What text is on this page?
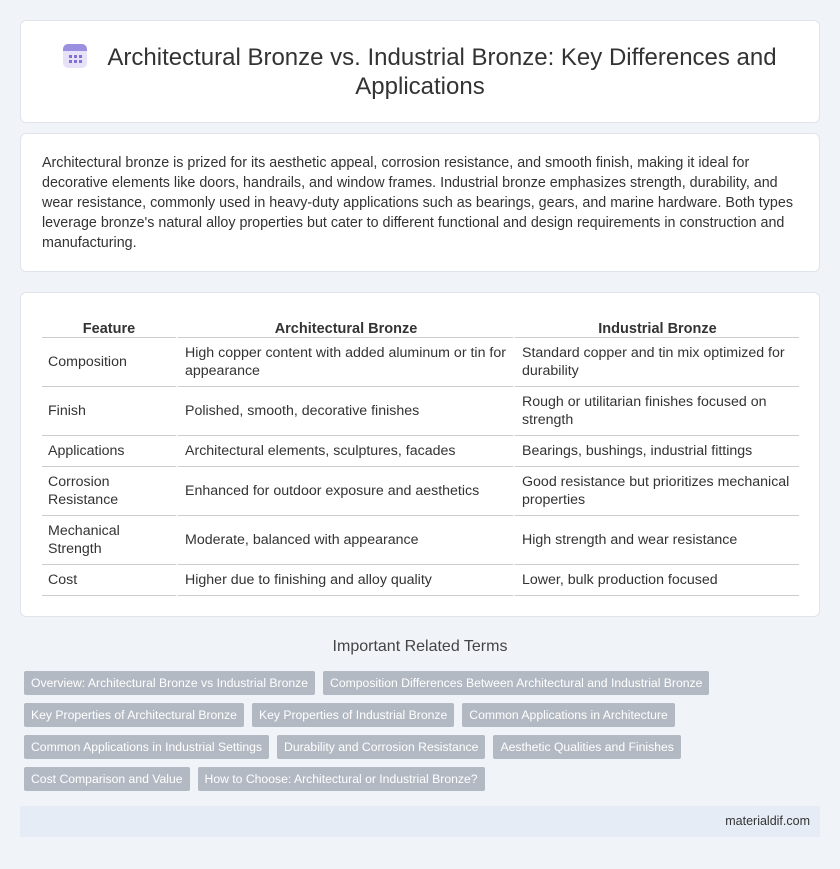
Architectural Bronze vs. Industrial Bronze: Key Differences and Applications

Architectural bronze is prized for its aesthetic appeal, corrosion resistance, and smooth finish, making it ideal for decorative elements like doors, handrails, and window frames. Industrial bronze emphasizes strength, durability, and wear resistance, commonly used in heavy-duty applications such as bearings, gears, and marine hardware. Both types leverage bronze's natural alloy properties but cater to different functional and design requirements in construction and manufacturing.

Feature	Architectural Bronze	Industrial Bronze
Composition	High copper content with added aluminum or tin for appearance	Standard copper and tin mix optimized for durability
Finish	Polished, smooth, decorative finishes	Rough or utilitarian finishes focused on strength
Applications	Architectural elements, sculptures, facades	Bearings, bushings, industrial fittings
Corrosion Resistance	Enhanced for outdoor exposure and aesthetics	Good resistance but prioritizes mechanical properties
Mechanical Strength	Moderate, balanced with appearance	High strength and wear resistance
Cost	Higher due to finishing and alloy quality	Lower, bulk production focused
Important Related Terms
Overview: Architectural Bronze vs Industrial Bronze	Composition Differences Between Architectural and Industrial Bronze
Key Properties of Architectural Bronze	Key Properties of Industrial Bronze	Common Applications in Architecture
Common Applications in Industrial Settings	Durability and Corrosion Resistance	Aesthetic Qualities and Finishes
Cost Comparison and Value	How to Choose: Architectural or Industrial Bronze?
materialdif.com
